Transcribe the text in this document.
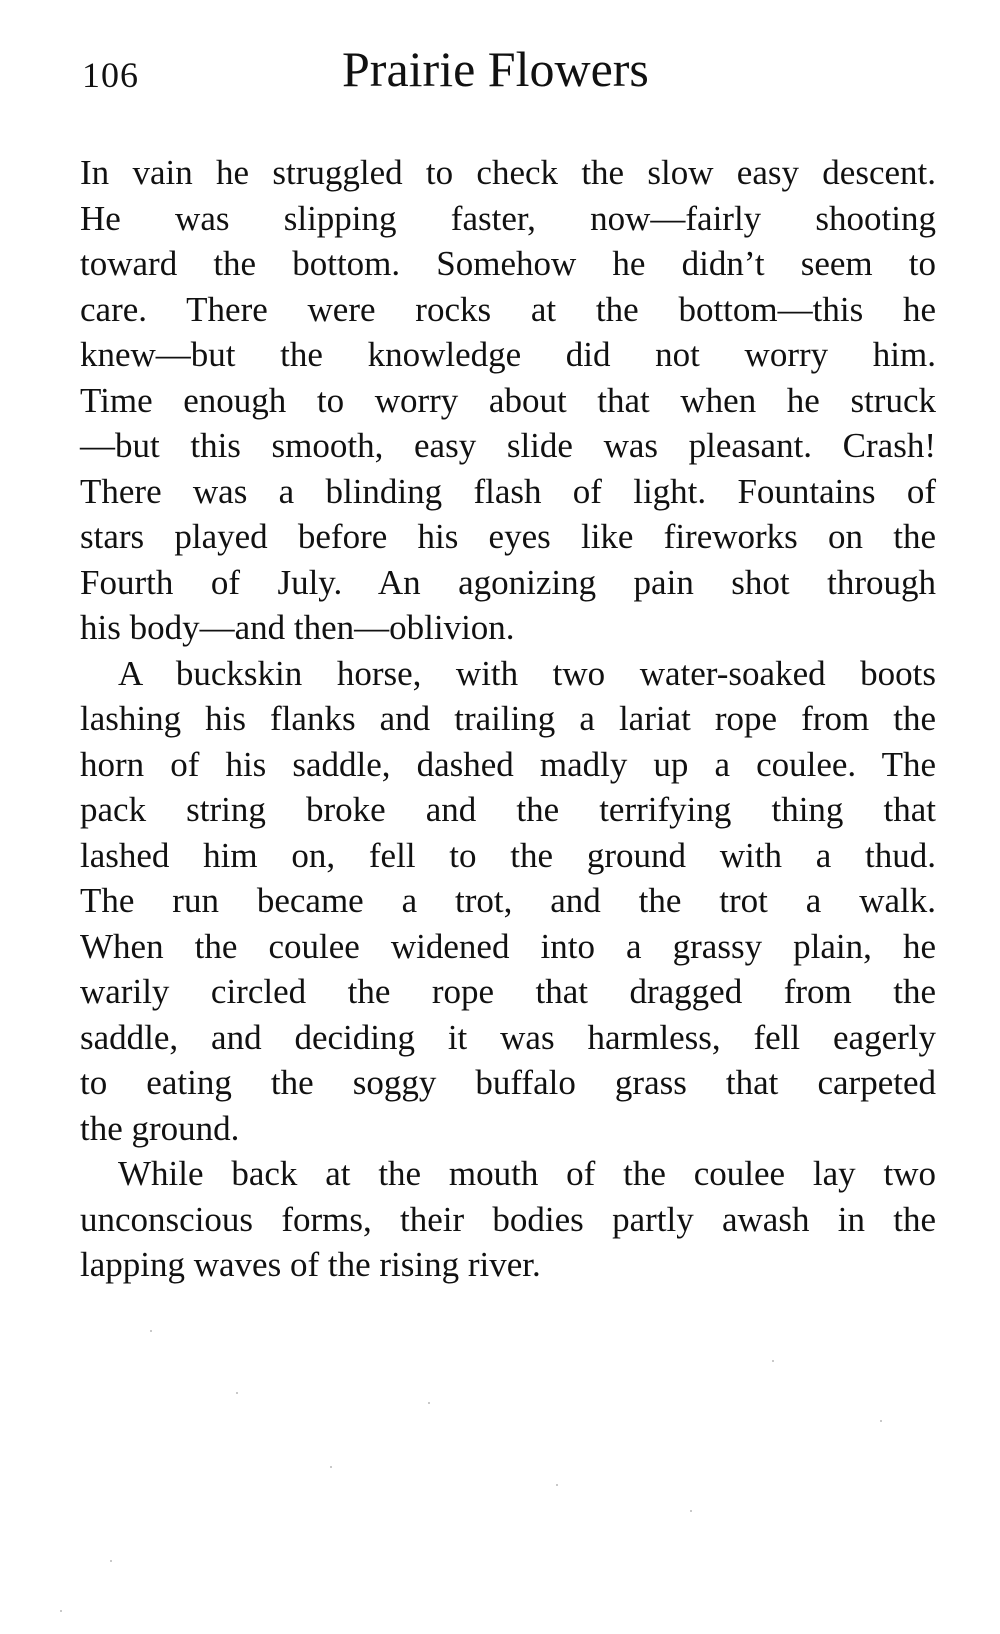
106	Prairie Flowers
In vain he struggled to check the slow easy descent.
He was slipping faster, now—fairly shooting
toward the bottom. Somehow he didn’t seem to
care. There were rocks at the bottom—this he
knew—but the knowledge did not worry him.
Time enough to worry about that when he struck
—but this smooth, easy slide was pleasant. Crash!
There was a blinding flash of light. Fountains of
stars played before his eyes like fireworks on the
Fourth of July. An agonizing pain shot through
his body—and then—oblivion.
A buckskin horse, with two water-soaked boots
lashing his flanks and trailing a lariat rope from the
horn of his saddle, dashed madly up a coulee. The
pack string broke and the terrifying thing that
lashed him on, fell to the ground with a thud.
The run became a trot, and the trot a walk.
When the coulee widened into a grassy plain, he
warily circled the rope that dragged from the
saddle, and deciding it was harmless, fell eagerly
to eating the soggy buffalo grass that carpeted
the ground.
While back at the mouth of the coulee lay two
unconscious forms, their bodies partly awash in the
lapping waves of the rising river.
